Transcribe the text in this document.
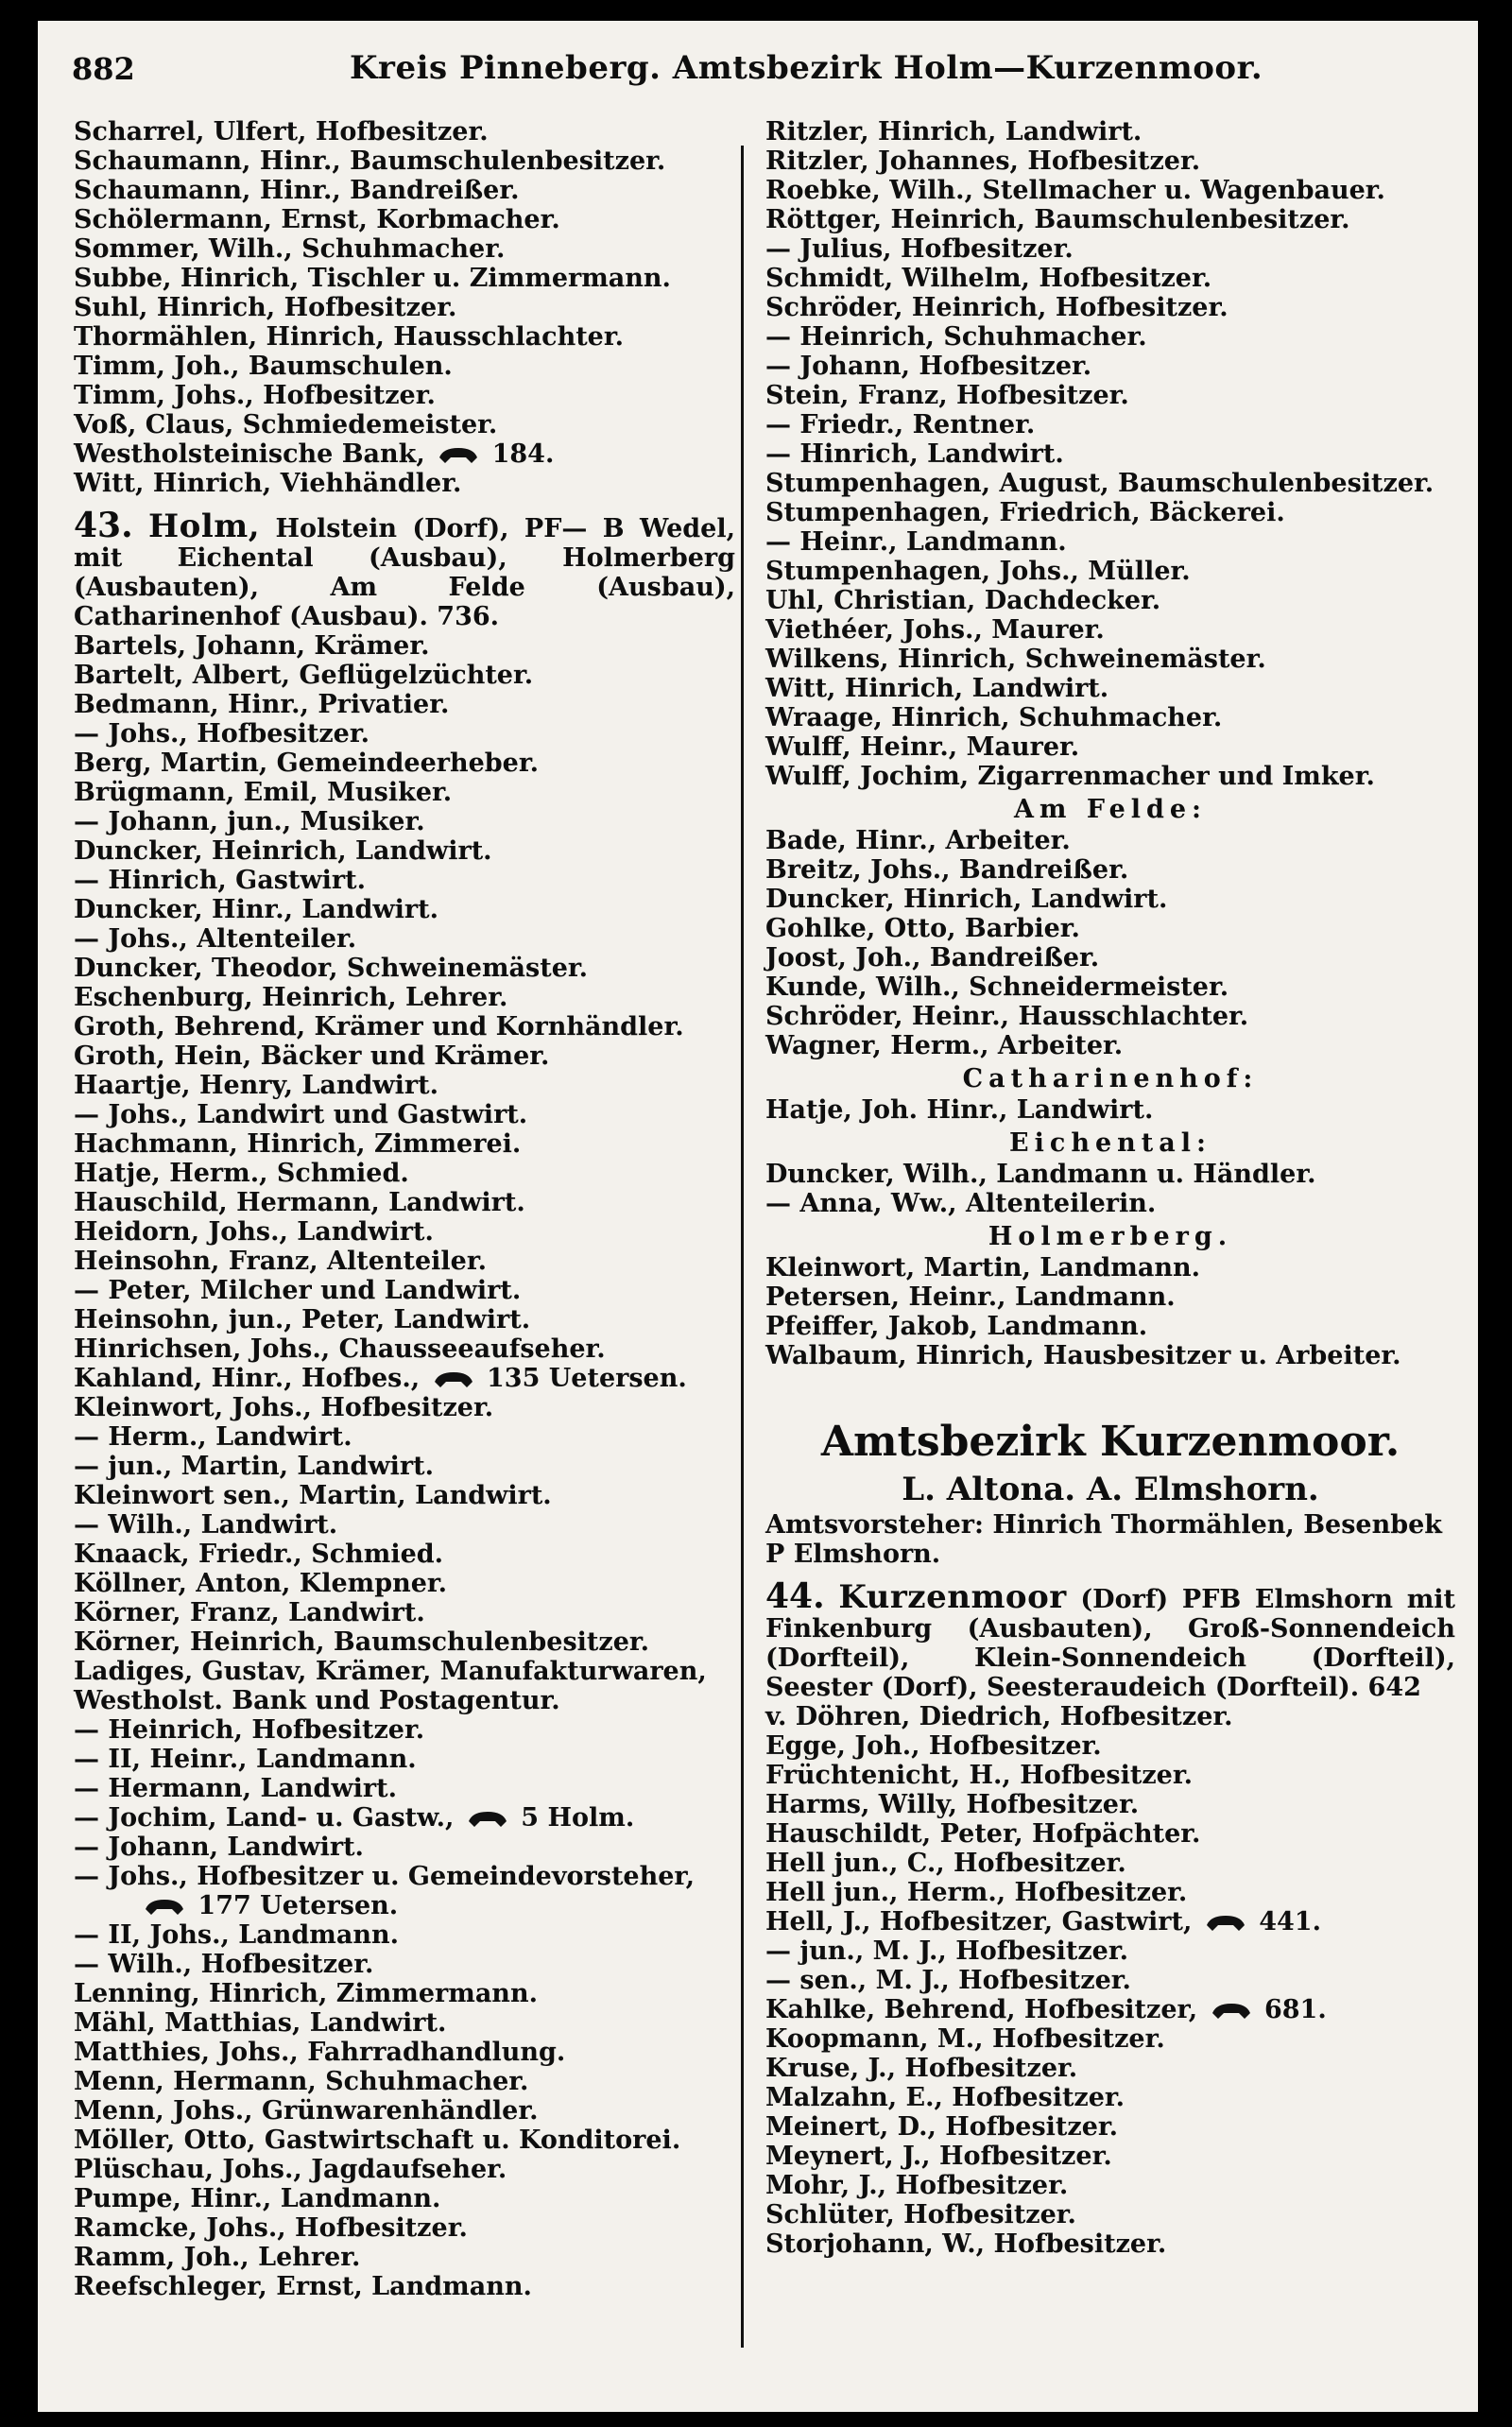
882	Kreis Pinneberg. Amtsbezirk Holm—Kurzenmoor.
Scharrel, Ulfert, Hofbesitzer.
Schaumann, Hinr., Baumschulenbesitzer.
Schaumann, Hinr., Bandreißer.
Schölermann, Ernst, Korbmacher.
Sommer, Wilh., Schuhmacher.
Subbe, Hinrich, Tischler u. Zimmermann.
Suhl, Hinrich, Hofbesitzer.
Thormählen, Hinrich, Hausschlachter.
Timm, Joh., Baumschulen.
Timm, Johs., Hofbesitzer.
Voß, Claus, Schmiedemeister.
Westholsteinische Bank,	184.
Witt, Hinrich, Viehhändler.
43. Holm, Holstein (Dorf), PF— B Wedel, mit Eichental (Ausbau), Holmerberg (Ausbauten), Am Felde (Ausbau), Catharinenhof (Ausbau). 736.
Bartels, Johann, Krämer.
Bartelt, Albert, Geflügelzüchter.
Bedmann, Hinr., Privatier.
— Johs., Hofbesitzer.
Berg, Martin, Gemeindeerheber.
Brügmann, Emil, Musiker.
— Johann, jun., Musiker.
Duncker, Heinrich, Landwirt.
— Hinrich, Gastwirt.
Duncker, Hinr., Landwirt.
— Johs., Altenteiler.
Duncker, Theodor, Schweinemäster.
Eschenburg, Heinrich, Lehrer.
Groth, Behrend, Krämer und Kornhändler.
Groth, Hein, Bäcker und Krämer.
Haartje, Henry, Landwirt.
— Johs., Landwirt und Gastwirt.
Hachmann, Hinrich, Zimmerei.
Hatje, Herm., Schmied.
Hauschild, Hermann, Landwirt.
Heidorn, Johs., Landwirt.
Heinsohn, Franz, Altenteiler.
— Peter, Milcher und Landwirt.
Heinsohn, jun., Peter, Landwirt.
Hinrichsen, Johs., Chausseeaufseher.
Kahland, Hinr., Hofbes.,	135 Uetersen.
Kleinwort, Johs., Hofbesitzer.
— Herm., Landwirt.
— jun., Martin, Landwirt.
Kleinwort sen., Martin, Landwirt.
— Wilh., Landwirt.
Knaack, Friedr., Schmied.
Köllner, Anton, Klempner.
Körner, Franz, Landwirt.
Körner, Heinrich, Baumschulenbesitzer.
Ladiges, Gustav, Krämer, Manufakturwaren,
Westholst. Bank und Postagentur.
— Heinrich, Hofbesitzer.
— II, Heinr., Landmann.
— Hermann, Landwirt.
— Jochim, Land- u. Gastw.,	5 Holm.
— Johann, Landwirt.
— Johs., Hofbesitzer u. Gemeindevorsteher,
177 Uetersen.
— II, Johs., Landmann.
— Wilh., Hofbesitzer.
Lenning, Hinrich, Zimmermann.
Mähl, Matthias, Landwirt.
Matthies, Johs., Fahrradhandlung.
Menn, Hermann, Schuhmacher.
Menn, Johs., Grünwarenhändler.
Möller, Otto, Gastwirtschaft u. Konditorei.
Plüschau, Johs., Jagdaufseher.
Pumpe, Hinr., Landmann.
Ramcke, Johs., Hofbesitzer.
Ramm, Joh., Lehrer.
Reefschleger, Ernst, Landmann.
Ritzler, Hinrich, Landwirt.
Ritzler, Johannes, Hofbesitzer.
Roebke, Wilh., Stellmacher u. Wagenbauer.
Röttger, Heinrich, Baumschulenbesitzer.
— Julius, Hofbesitzer.
Schmidt, Wilhelm, Hofbesitzer.
Schröder, Heinrich, Hofbesitzer.
— Heinrich, Schuhmacher.
— Johann, Hofbesitzer.
Stein, Franz, Hofbesitzer.
— Friedr., Rentner.
— Hinrich, Landwirt.
Stumpenhagen, August, Baumschulenbesitzer.
Stumpenhagen, Friedrich, Bäckerei.
— Heinr., Landmann.
Stumpenhagen, Johs., Müller.
Uhl, Christian, Dachdecker.
Viethéer, Johs., Maurer.
Wilkens, Hinrich, Schweinemäster.
Witt, Hinrich, Landwirt.
Wraage, Hinrich, Schuhmacher.
Wulff, Heinr., Maurer.
Wulff, Jochim, Zigarrenmacher und Imker.
Am Felde:
Bade, Hinr., Arbeiter.
Breitz, Johs., Bandreißer.
Duncker, Hinrich, Landwirt.
Gohlke, Otto, Barbier.
Joost, Joh., Bandreißer.
Kunde, Wilh., Schneidermeister.
Schröder, Heinr., Hausschlachter.
Wagner, Herm., Arbeiter.
Catharinenhof:
Hatje, Joh. Hinr., Landwirt.
Eichental:
Duncker, Wilh., Landmann u. Händler.
— Anna, Ww., Altenteilerin.
Holmerberg.
Kleinwort, Martin, Landmann.
Petersen, Heinr., Landmann.
Pfeiffer, Jakob, Landmann.
Walbaum, Hinrich, Hausbesitzer u. Arbeiter.
Amtsbezirk Kurzenmoor.
L. Altona. A. Elmshorn.
Amtsvorsteher: Hinrich Thormählen, Besenbek P Elmshorn.
44. Kurzenmoor (Dorf) PFB Elmshorn mit Finkenburg (Ausbauten), Groß-Sonnendeich (Dorfteil), Klein-Sonnendeich (Dorfteil), Seester (Dorf), Seesteraudeich (Dorfteil). 642
v. Döhren, Diedrich, Hofbesitzer.
Egge, Joh., Hofbesitzer.
Früchtenicht, H., Hofbesitzer.
Harms, Willy, Hofbesitzer.
Hauschildt, Peter, Hofpächter.
Hell jun., C., Hofbesitzer.
Hell jun., Herm., Hofbesitzer.
Hell, J., Hofbesitzer, Gastwirt,	441.
— jun., M. J., Hofbesitzer.
— sen., M. J., Hofbesitzer.
Kahlke, Behrend, Hofbesitzer,	681.
Koopmann, M., Hofbesitzer.
Kruse, J., Hofbesitzer.
Malzahn, E., Hofbesitzer.
Meinert, D., Hofbesitzer.
Meynert, J., Hofbesitzer.
Mohr, J., Hofbesitzer.
Schlüter, Hofbesitzer.
Storjohann, W., Hofbesitzer.
